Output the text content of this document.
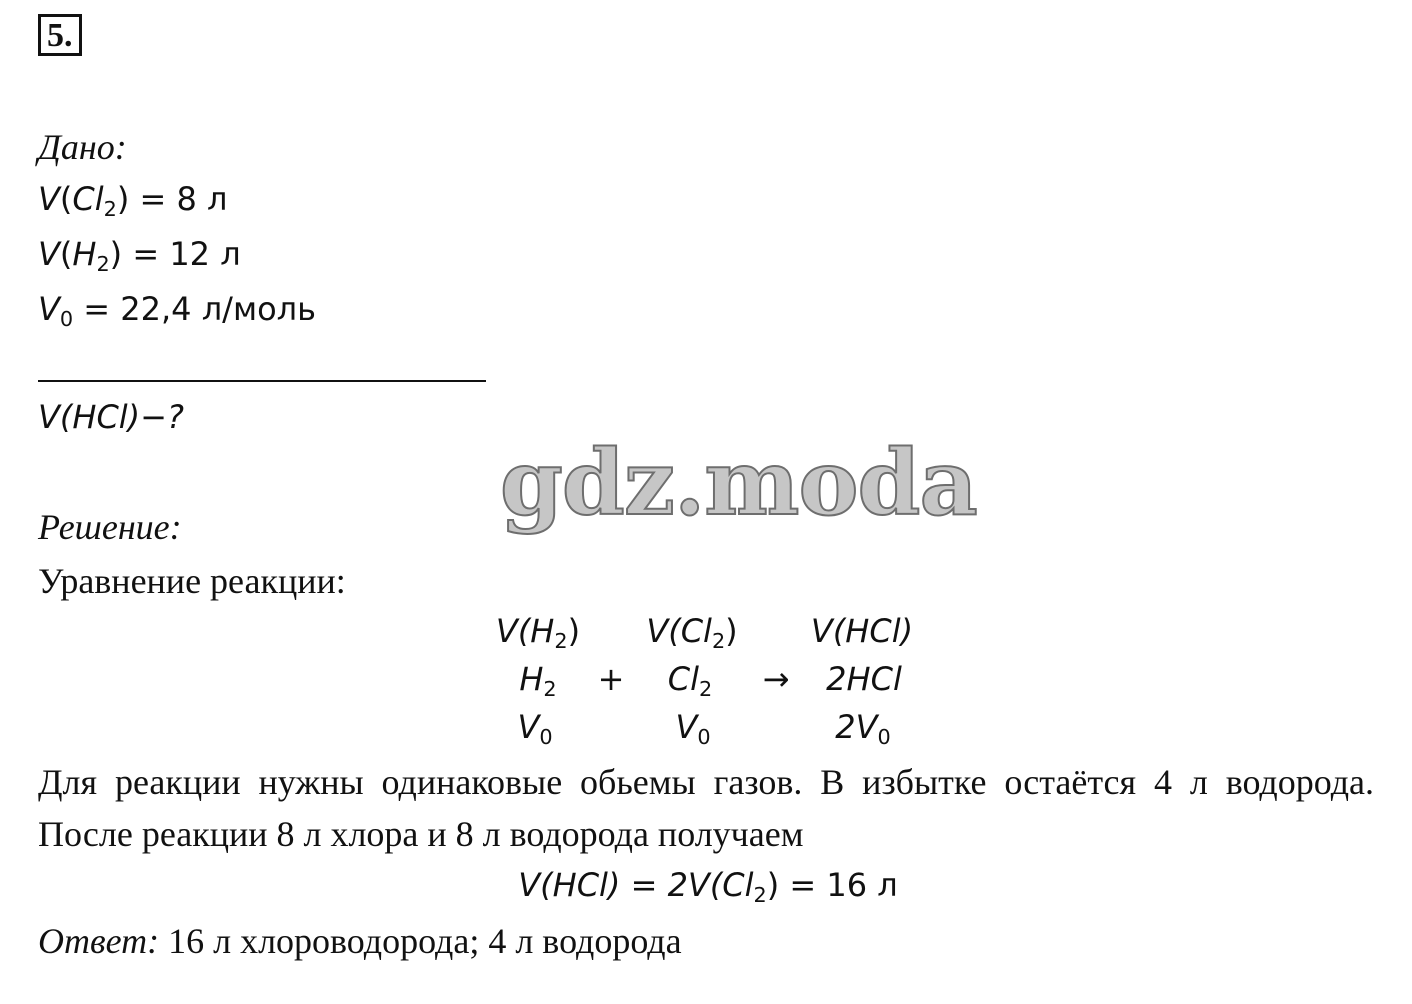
5.
Дано:
$V(Cl_2) = 8$ л
$V(H_2) = 12$ л
$V_0 = 22,4$ л/моль
V(HCl)−?
gdz.moda
Решение:
Уравнение реакции:
$V(H_2)$	$V(Cl_2)$	V(HCl)
$H_2$	+ $Cl_2$ →	2HCl
$V_0$	$V_0$	$2V_0$
Для реакции нужны одинаковые обьемы газов. В избытке остаётся 4 л водорода. После реакции 8 л хлора и 8 л водорода получаем
$V(HCl) = 2V(Cl_2) = 16$ л
Ответ: 16 л хлороводорода; 4 л водорода
